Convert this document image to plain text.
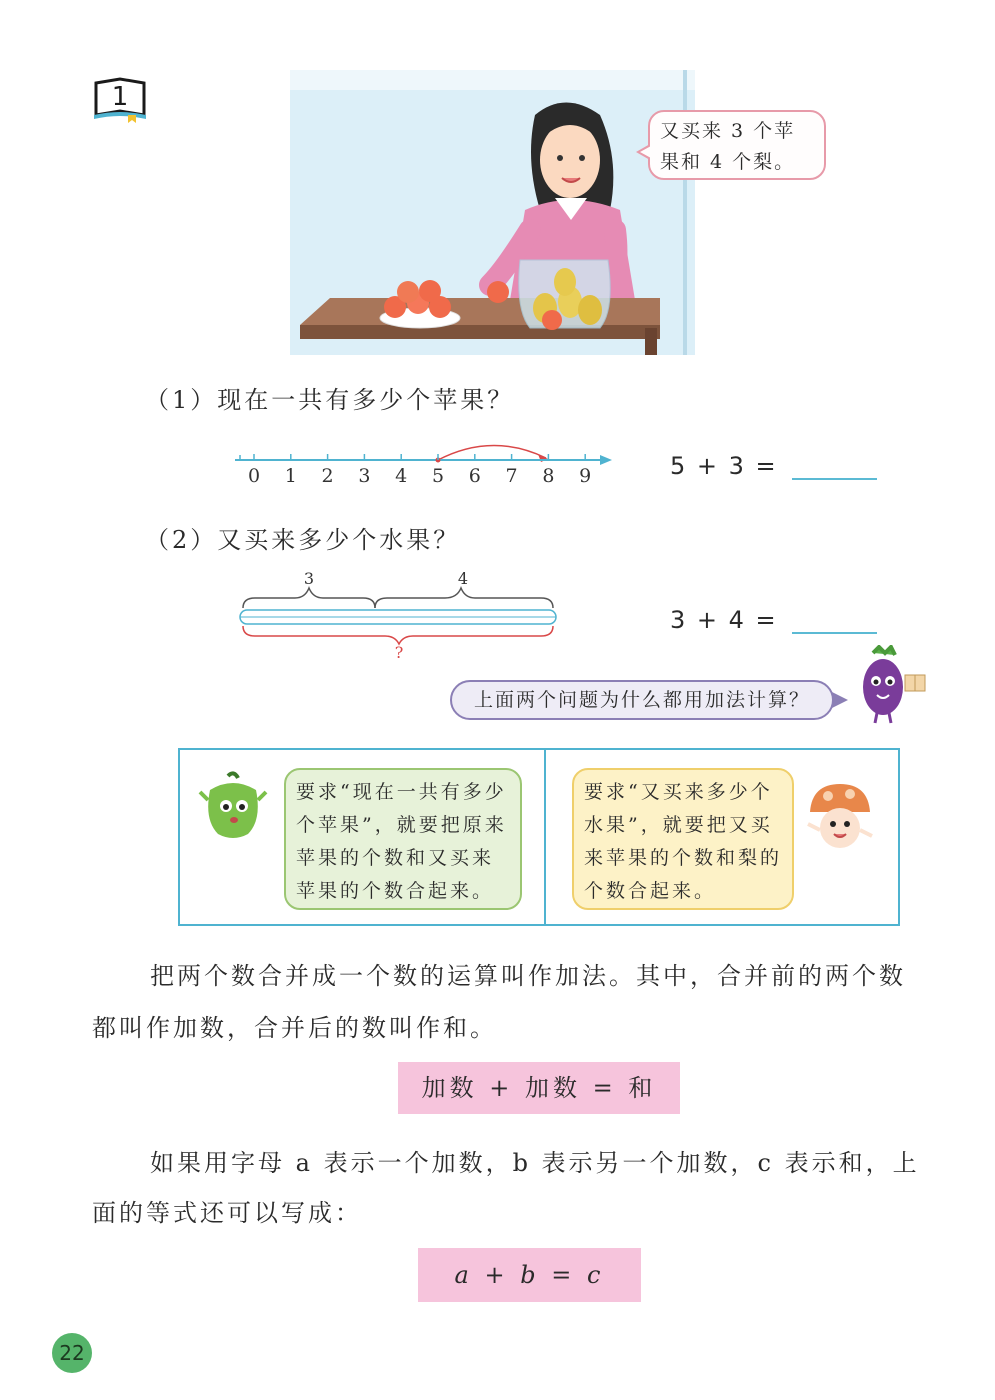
1
又买来 3 个苹果和 4 个梨。
（1）现在一共有多少个苹果？
0 1 2 3 4 5 6 7 8 9	5 + 3 =
（2）又买来多少个水果？
3	4
?
3 + 4 =
上面两个问题为什么都用加法计算？
要求“现在一共有多少个苹果”，就要把原来苹果的个数和又买来苹果的个数合起来。
要求“又买来多少个水果”，就要把又买来苹果的个数和梨的个数合起来。
把两个数合并成一个数的运算叫作加法。其中，合并前的两个数都叫作加数，合并后的数叫作和。
加数 + 加数 = 和
如果用字母 a 表示一个加数，b 表示另一个加数，c 表示和，上面的等式还可以写成：
a + b = c
22
